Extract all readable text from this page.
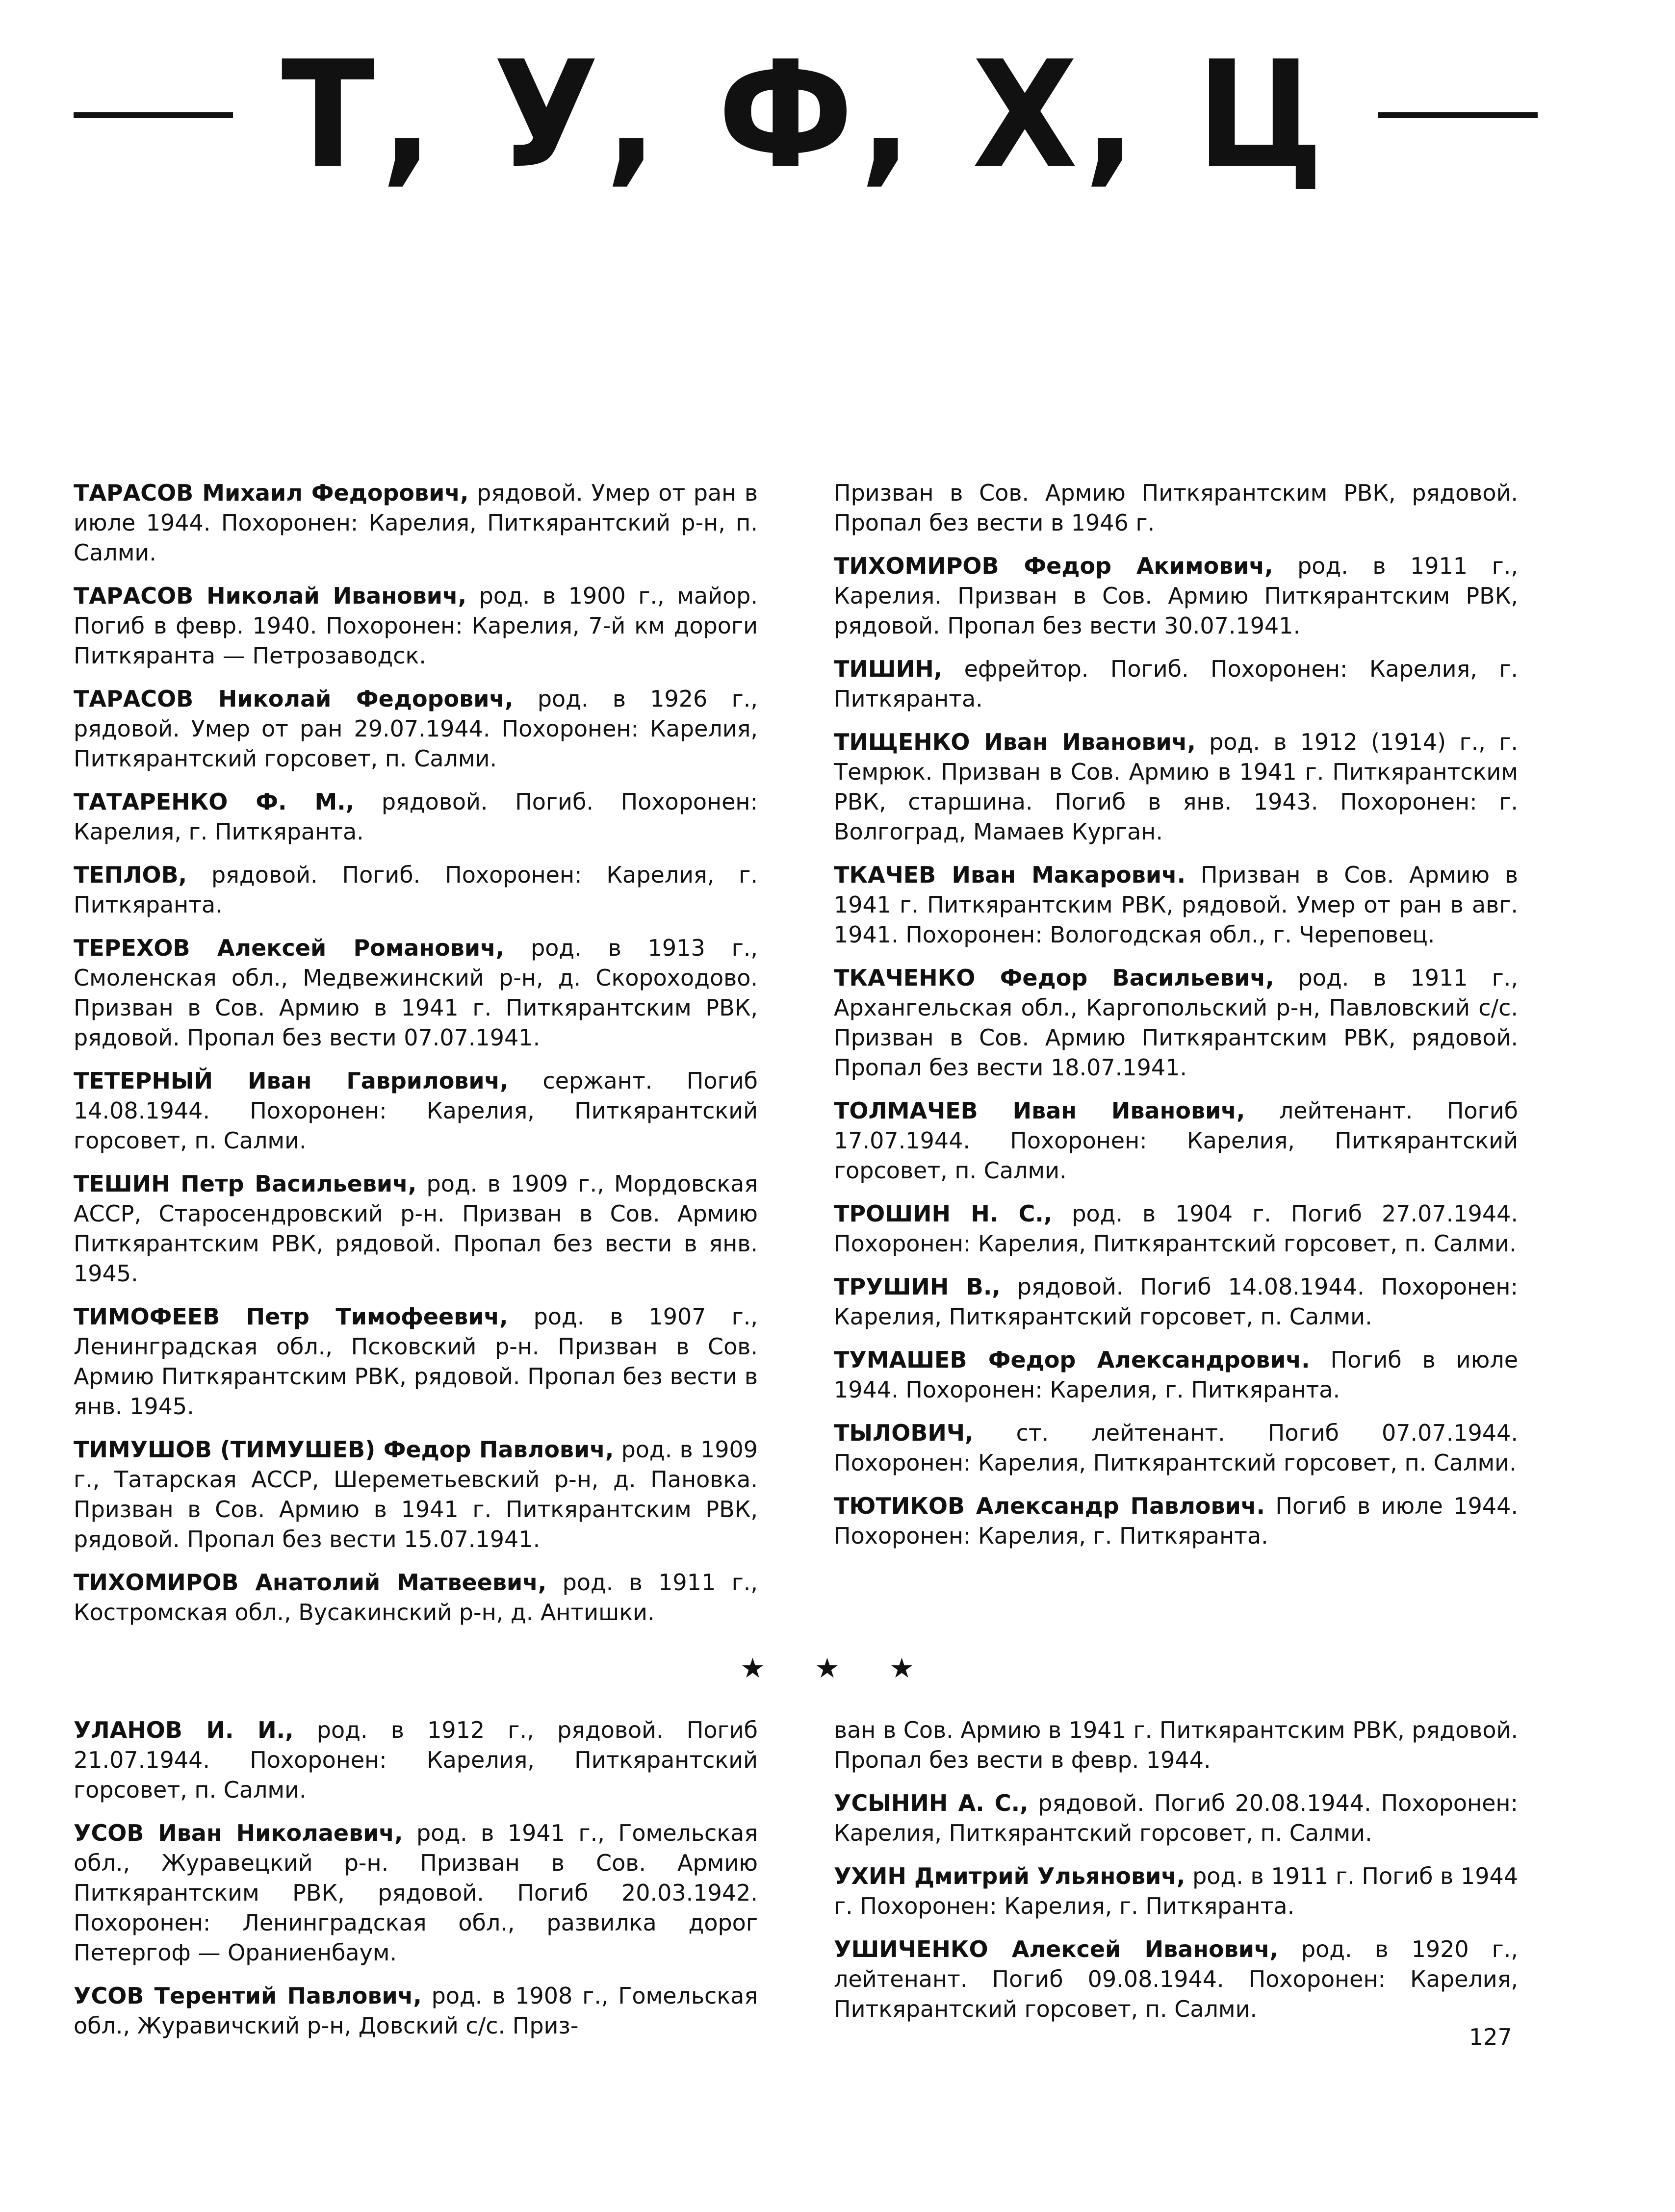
Т, У, Ф, Х, Ц

ТАРАСОВ Михаил Федорович, рядовой. Умер от ран в июле 1944. Похоронен: Карелия, Питкярантский р-н, п. Салми.

ТАРАСОВ Николай Иванович, род. в 1900 г., майор. Погиб в февр. 1940. Похоронен: Карелия, 7-й км дороги Питкяранта — Петрозаводск.

ТАРАСОВ Николай Федорович, род. в 1926 г., рядовой. Умер от ран 29.07.1944. Похоронен: Карелия, Питкярантский горсовет, п. Салми.

ТАТАРЕНКО Ф. М., рядовой. Погиб. Похоронен: Карелия, г. Питкяранта.

ТЕПЛОВ, рядовой. Погиб. Похоронен: Карелия, г. Питкяранта.

ТЕРЕХОВ Алексей Романович, род. в 1913 г., Смоленская обл., Медвежинский р-н, д. Скороходово. Призван в Сов. Армию в 1941 г. Питкярантским РВК, рядовой. Пропал без вести 07.07.1941.

ТЕТЕРНЫЙ Иван Гаврилович, сержант. Погиб 14.08.1944. Похоронен: Карелия, Питкярантский горсовет, п. Салми.

ТЕШИН Петр Васильевич, род. в 1909 г., Мордовская АССР, Старосендровский р-н. Призван в Сов. Армию Питкярантским РВК, рядовой. Пропал без вести в янв. 1945.

ТИМОФЕЕВ Петр Тимофеевич, род. в 1907 г., Ленинградская обл., Псковский р-н. Призван в Сов. Армию Питкярантским РВК, рядовой. Пропал без вести в янв. 1945.

ТИМУШОВ (ТИМУШЕВ) Федор Павлович, род. в 1909 г., Татарская АССР, Шереметьевский р-н, д. Пановка. Призван в Сов. Армию в 1941 г. Питкярантским РВК, рядовой. Пропал без вести 15.07.1941.

ТИХОМИРОВ Анатолий Матвеевич, род. в 1911 г., Костромская обл., Вусакинский р-н, д. Антишки.

Призван в Сов. Армию Питкярантским РВК, рядовой. Пропал без вести в 1946 г.

ТИХОМИРОВ Федор Акимович, род. в 1911 г., Карелия. Призван в Сов. Армию Питкярантским РВК, рядовой. Пропал без вести 30.07.1941.

ТИШИН, ефрейтор. Погиб. Похоронен: Карелия, г. Питкяранта.

ТИЩЕНКО Иван Иванович, род. в 1912 (1914) г., г. Темрюк. Призван в Сов. Армию в 1941 г. Питкярантским РВК, старшина. Погиб в янв. 1943. Похоронен: г. Волгоград, Мамаев Курган.

ТКАЧЕВ Иван Макарович. Призван в Сов. Армию в 1941 г. Питкярантским РВК, рядовой. Умер от ран в авг. 1941. Похоронен: Вологодская обл., г. Череповец.

ТКАЧЕНКО Федор Васильевич, род. в 1911 г., Архангельская обл., Каргопольский р-н, Павловский с/с. Призван в Сов. Армию Питкярантским РВК, рядовой. Пропал без вести 18.07.1941.

ТОЛМАЧЕВ Иван Иванович, лейтенант. Погиб 17.07.1944. Похоронен: Карелия, Питкярантский горсовет, п. Салми.

ТРОШИН Н. С., род. в 1904 г. Погиб 27.07.1944. Похоронен: Карелия, Питкярантский горсовет, п. Салми.

ТРУШИН В., рядовой. Погиб 14.08.1944. Похоронен: Карелия, Питкярантский горсовет, п. Салми.

ТУМАШЕВ Федор Александрович. Погиб в июле 1944. Похоронен: Карелия, г. Питкяранта.

ТЫЛОВИЧ, ст. лейтенант. Погиб 07.07.1944. Похоронен: Карелия, Питкярантский горсовет, п. Салми.

ТЮТИКОВ Александр Павлович. Погиб в июле 1944. Похоронен: Карелия, г. Питкяранта.

★ ★ ★

УЛАНОВ И. И., род. в 1912 г., рядовой. Погиб 21.07.1944. Похоронен: Карелия, Питкярантский горсовет, п. Салми.

УСОВ Иван Николаевич, род. в 1941 г., Гомельская обл., Журавецкий р-н. Призван в Сов. Армию Питкярантским РВК, рядовой. Погиб 20.03.1942. Похоронен: Ленинградская обл., развилка дорог Петергоф — Ораниенбаум.

УСОВ Терентий Павлович, род. в 1908 г., Гомельская обл., Журавичский р-н, Довский с/с. Приз-

ван в Сов. Армию в 1941 г. Питкярантским РВК, рядовой. Пропал без вести в февр. 1944.

УСЫНИН А. С., рядовой. Погиб 20.08.1944. Похоронен: Карелия, Питкярантский горсовет, п. Салми.

УХИН Дмитрий Ульянович, род. в 1911 г. Погиб в 1944 г. Похоронен: Карелия, г. Питкяранта.

УШИЧЕНКО Алексей Иванович, род. в 1920 г., лейтенант. Погиб 09.08.1944. Похоронен: Карелия, Питкярантский горсовет, п. Салми.

127
